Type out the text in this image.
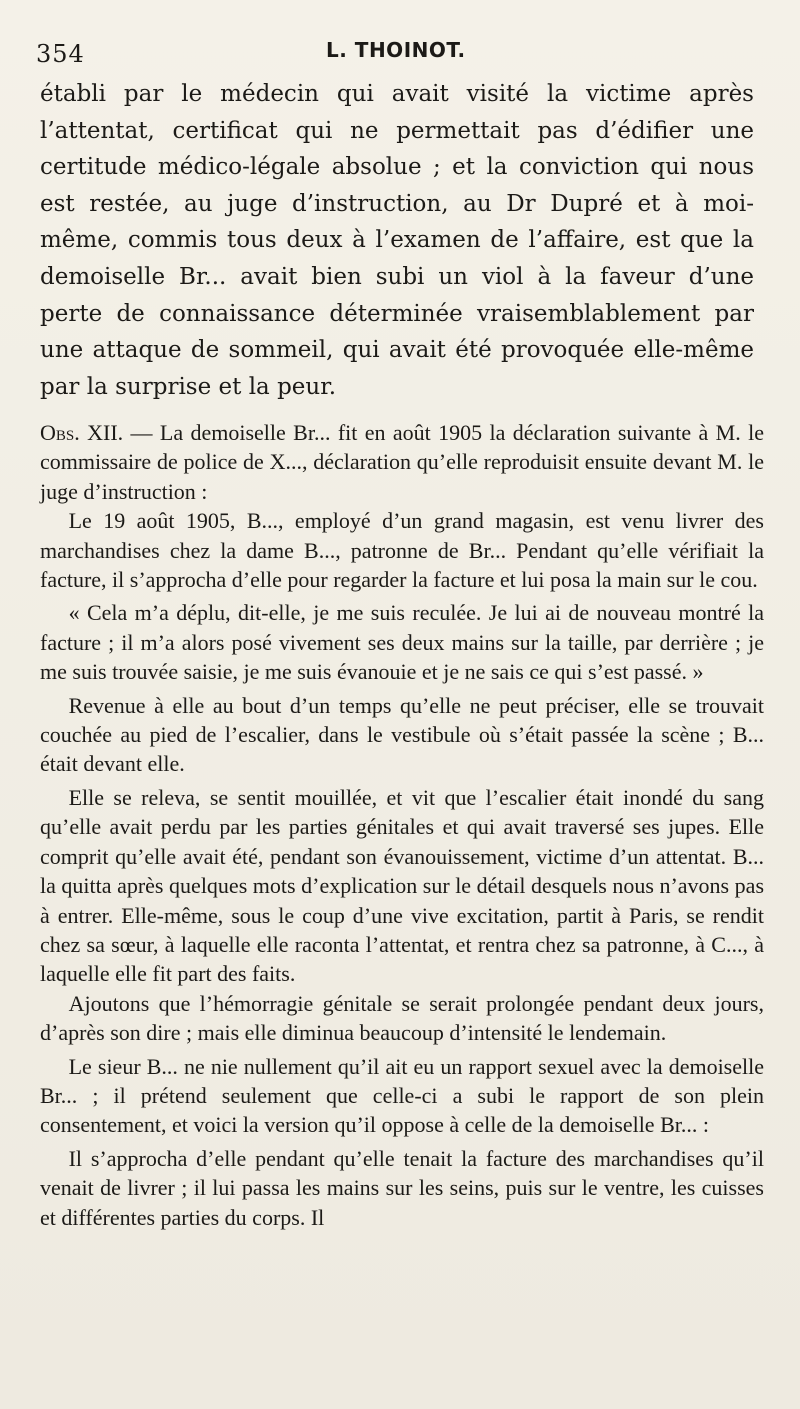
354	L. THOINOT.

établi par le médecin qui avait visité la victime après l’attentat, certificat qui ne permettait pas d’édifier une certitude médico-légale absolue ; et la conviction qui nous est restée, au juge d’instruction, au Dr Dupré et à moi-même, commis tous deux à l’examen de l’affaire, est que la demoiselle Br... avait bien subi un viol à la faveur d’une perte de connaissance déterminée vraisemblablement par une attaque de sommeil, qui avait été provoquée elle-même par la surprise et la peur.

Obs. XII. — La demoiselle Br... fit en août 1905 la déclaration suivante à M. le commissaire de police de X..., déclaration qu’elle reproduisit ensuite devant M. le juge d’instruction :

Le 19 août 1905, B..., employé d’un grand magasin, est venu livrer des marchandises chez la dame B..., patronne de Br... Pendant qu’elle vérifiait la facture, il s’approcha d’elle pour regarder la facture et lui posa la main sur le cou.

« Cela m’a déplu, dit-elle, je me suis reculée. Je lui ai de nouveau montré la facture ; il m’a alors posé vivement ses deux mains sur la taille, par derrière ; je me suis trouvée saisie, je me suis évanouie et je ne sais ce qui s’est passé. »

Revenue à elle au bout d’un temps qu’elle ne peut préciser, elle se trouvait couchée au pied de l’escalier, dans le vestibule où s’était passée la scène ; B... était devant elle.

Elle se releva, se sentit mouillée, et vit que l’escalier était inondé du sang qu’elle avait perdu par les parties génitales et qui avait traversé ses jupes. Elle comprit qu’elle avait été, pendant son évanouissement, victime d’un attentat. B... la quitta après quelques mots d’explication sur le détail desquels nous n’avons pas à entrer. Elle-même, sous le coup d’une vive excitation, partit à Paris, se rendit chez sa sœur, à laquelle elle raconta l’attentat, et rentra chez sa patronne, à C..., à laquelle elle fit part des faits.

Ajoutons que l’hémorragie génitale se serait prolongée pendant deux jours, d’après son dire ; mais elle diminua beaucoup d’intensité le lendemain.

Le sieur B... ne nie nullement qu’il ait eu un rapport sexuel avec la demoiselle Br... ; il prétend seulement que celle-ci a subi le rapport de son plein consentement, et voici la version qu’il oppose à celle de la demoiselle Br... :

Il s’approcha d’elle pendant qu’elle tenait la facture des marchandises qu’il venait de livrer ; il lui passa les mains sur les seins, puis sur le ventre, les cuisses et différentes parties du corps. Il
